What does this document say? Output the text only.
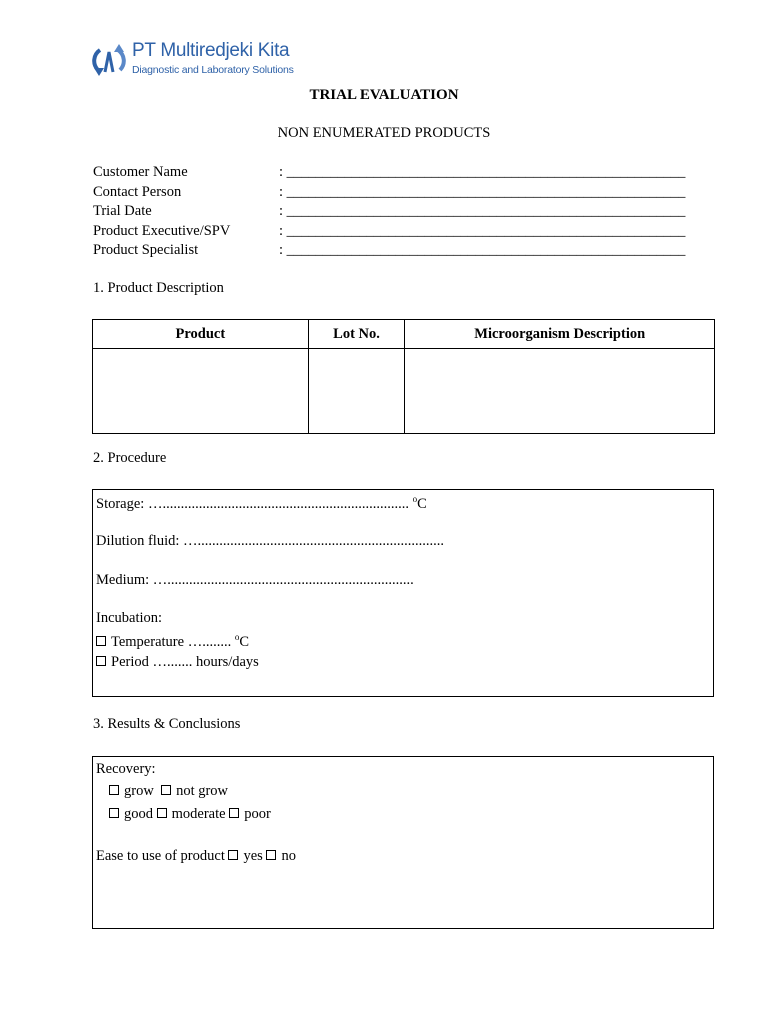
PT Multiredjeki Kita
Diagnostic and Laboratory Solutions
TRIAL EVALUATION
NON ENUMERATED PRODUCTS
Customer Name	: _______________________________________________________
Contact Person	: _______________________________________________________
Trial Date	: _______________________________________________________
Product Executive/SPV	: _______________________________________________________
Product Specialist	: _______________________________________________________
1. Product Description
Product	Lot No.	Microorganism Description

2. Procedure
Storage: ….................................................................... $^o$C
Dilution fluid: …....................................................................
Medium: …....................................................................
Incubation:
Temperature …........ $^o$C
Period …....... hours/days
3. Results & Conclusions
Recovery:
grow not grow
good moderate poor
Ease to use of product yes no
